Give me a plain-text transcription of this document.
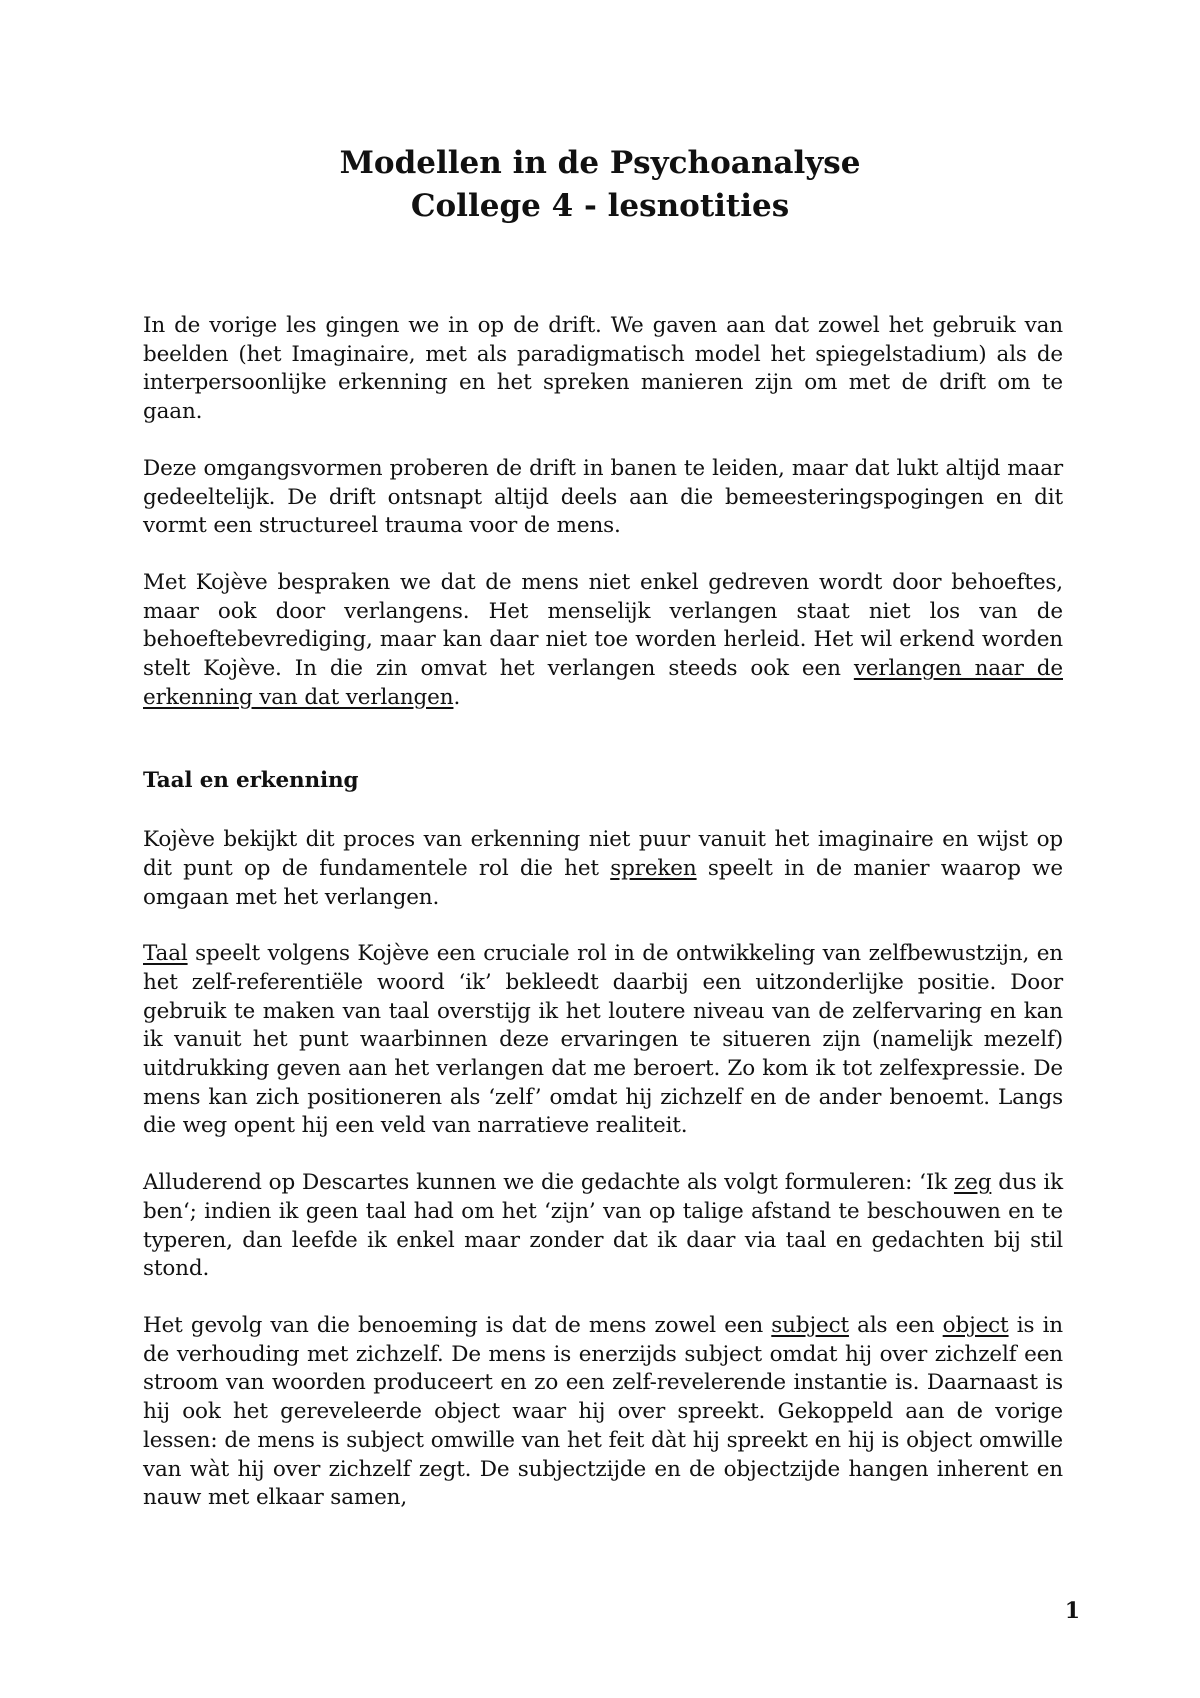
Modellen in de Psychoanalyse
College 4 - lesnotities

In de vorige les gingen we in op de drift. We gaven aan dat zowel het gebruik van beelden (het Imaginaire, met als paradigmatisch model het spiegelstadium) als de interpersoonlijke erkenning en het spreken manieren zijn om met de drift om te gaan.

Deze omgangsvormen proberen de drift in banen te leiden, maar dat lukt altijd maar gedeeltelijk. De drift ontsnapt altijd deels aan die bemeesteringspogingen en dit vormt een structureel trauma voor de mens.

Met Kojève bespraken we dat de mens niet enkel gedreven wordt door behoeftes, maar ook door verlangens. Het menselijk verlangen staat niet los van de behoeftebevrediging, maar kan daar niet toe worden herleid. Het wil erkend worden stelt Kojève. In die zin omvat het verlangen steeds ook een verlangen naar de erkenning van dat verlangen.

Taal en erkenning

Kojève bekijkt dit proces van erkenning niet puur vanuit het imaginaire en wijst op dit punt op de fundamentele rol die het spreken speelt in de manier waarop we omgaan met het verlangen.

Taal speelt volgens Kojève een cruciale rol in de ontwikkeling van zelfbewustzijn, en het zelf-referentiële woord ‘ik’ bekleedt daarbij een uitzonderlijke positie. Door gebruik te maken van taal overstijg ik het loutere niveau van de zelfervaring en kan ik vanuit het punt waarbinnen deze ervaringen te situeren zijn (namelijk mezelf) uitdrukking geven aan het verlangen dat me beroert. Zo kom ik tot zelfexpressie. De mens kan zich positioneren als ‘zelf’ omdat hij zichzelf en de ander benoemt. Langs die weg opent hij een veld van narratieve realiteit.

Alluderend op Descartes kunnen we die gedachte als volgt formuleren: ‘Ik zeg dus ik ben‘; indien ik geen taal had om het ‘zijn’ van op talige afstand te beschouwen en te typeren, dan leefde ik enkel maar zonder dat ik daar via taal en gedachten bij stil stond.

Het gevolg van die benoeming is dat de mens zowel een subject als een object is in de verhouding met zichzelf. De mens is enerzijds subject omdat hij over zichzelf een stroom van woorden produceert en zo een zelf-revelerende instantie is. Daarnaast is hij ook het gereveleerde object waar hij over spreekt. Gekoppeld aan de vorige lessen: de mens is subject omwille van het feit dàt hij spreekt en hij is object omwille van wàt hij over zichzelf zegt. De subjectzijde en de objectzijde hangen inherent en nauw met elkaar samen,

1
